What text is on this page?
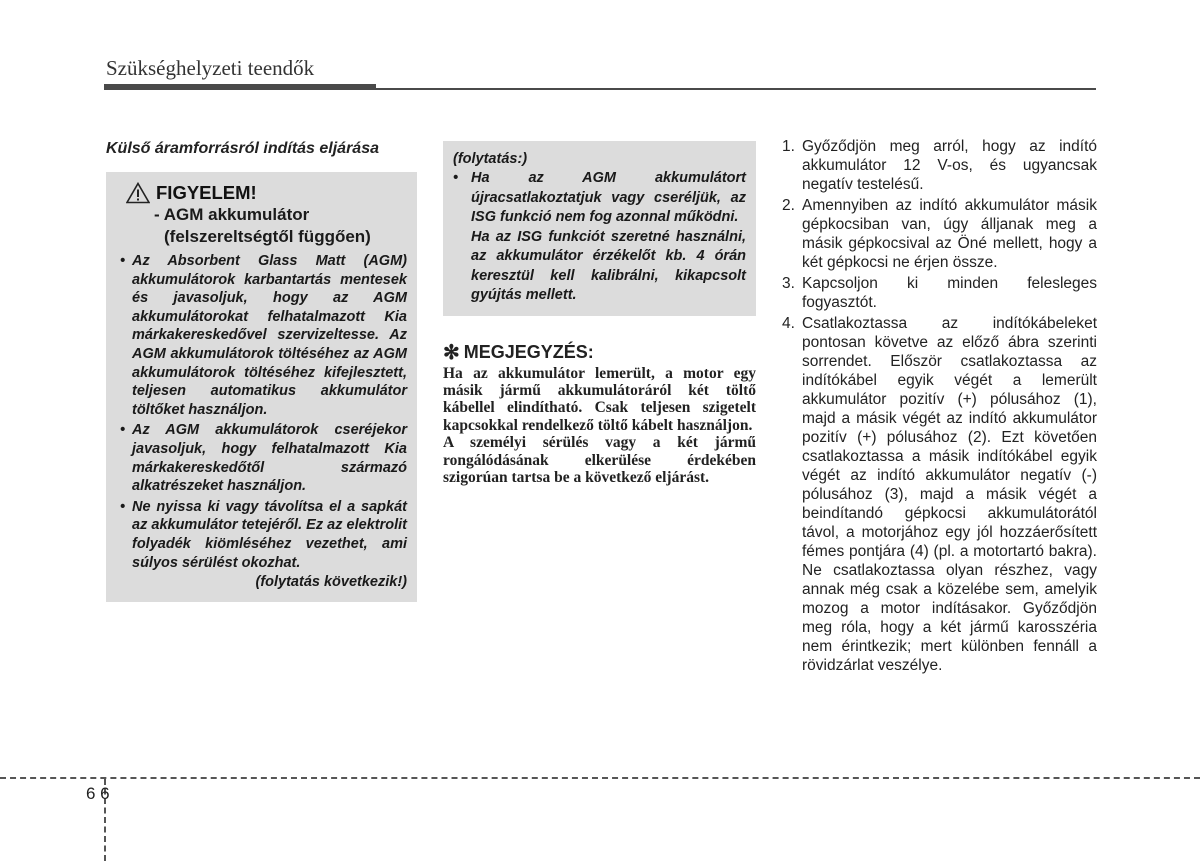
Szükséghelyzeti teendők
Külső áramforrásról indítás eljárása
FIGYELEM!
- AGM akkumulátor
(felszereltségtől függően)
• Az Absorbent Glass Matt (AGM) akkumulátorok karbantartás mentesek és javasoljuk, hogy az AGM akkumulátorokat felhatalmazott Kia márkakereskedővel szervizeltesse. Az AGM akkumulátorok töltéséhez az AGM akkumulátorok töltéséhez kifejlesztett, teljesen automatikus akkumulátor töltőket használjon.
• Az AGM akkumulátorok cseréjekor javasoljuk, hogy felhatalmazott Kia márkakereskedőtől származó alkatrészeket használjon.
• Ne nyissa ki vagy távolítsa el a sapkát az akkumulátor tetejéről. Ez az elektrolit folyadék kiömléséhez vezethet, ami súlyos sérülést okozhat.
(folytatás következik!)
(folytatás:)

• Ha az AGM akkumulátort újracsatlakoztatjuk vagy cseréljük, az ISG funkció nem fog azonnal működni.

Ha az ISG funkciót szeretné használni, az akkumulátor érzékelőt kb. 4 órán keresztül kell kalibrálni, kikapcsolt gyújtás mellett.

✻ MEGJEGYZÉS:

Ha az akkumulátor lemerült, a motor egy másik jármű akkumulátoráról két töltő kábellel elindítható. Csak teljesen szigetelt kapcsokkal rendelkező töltő kábelt használjon.

A személyi sérülés vagy a két jármű rongálódásának elkerülése érdekében szigorúan tartsa be a következő eljárást.

1. Győződjön meg arról, hogy az indító akkumulátor 12 V-os, és ugyancsak negatív testelésű.
2. Amennyiben az indító akkumulátor másik gépkocsiban van, úgy álljanak meg a másik gépkocsival az Öné mellett, hogy a két gépkocsi ne érjen össze.
3. Kapcsoljon ki minden felesleges fogyasztót.
4. Csatlakoztassa az indítókábeleket pontosan követve az előző ábra szerinti sorrendet. Először csatlakoztassa az indítókábel egyik végét a lemerült akkumulátor pozitív (+) pólusához (1), majd a másik végét az indító akkumulátor pozitív (+) pólusához (2). Ezt követően csatlakoztassa a másik indítókábel egyik végét az indító akkumulátor negatív (-) pólusához (3), majd a másik végét a beindítandó gépkocsi akkumulátorától távol, a motorjához egy jól hozzáerősített fémes pontjára (4) (pl. a motortartó bakra). Ne csatlakoztassa olyan részhez, vagy annak még csak a közelébe sem, amelyik mozog a motor indításakor. Győződjön meg róla, hogy a két jármű karosszéria nem érintkezik; mert különben fennáll a rövidzárlat veszélye.
6 6
